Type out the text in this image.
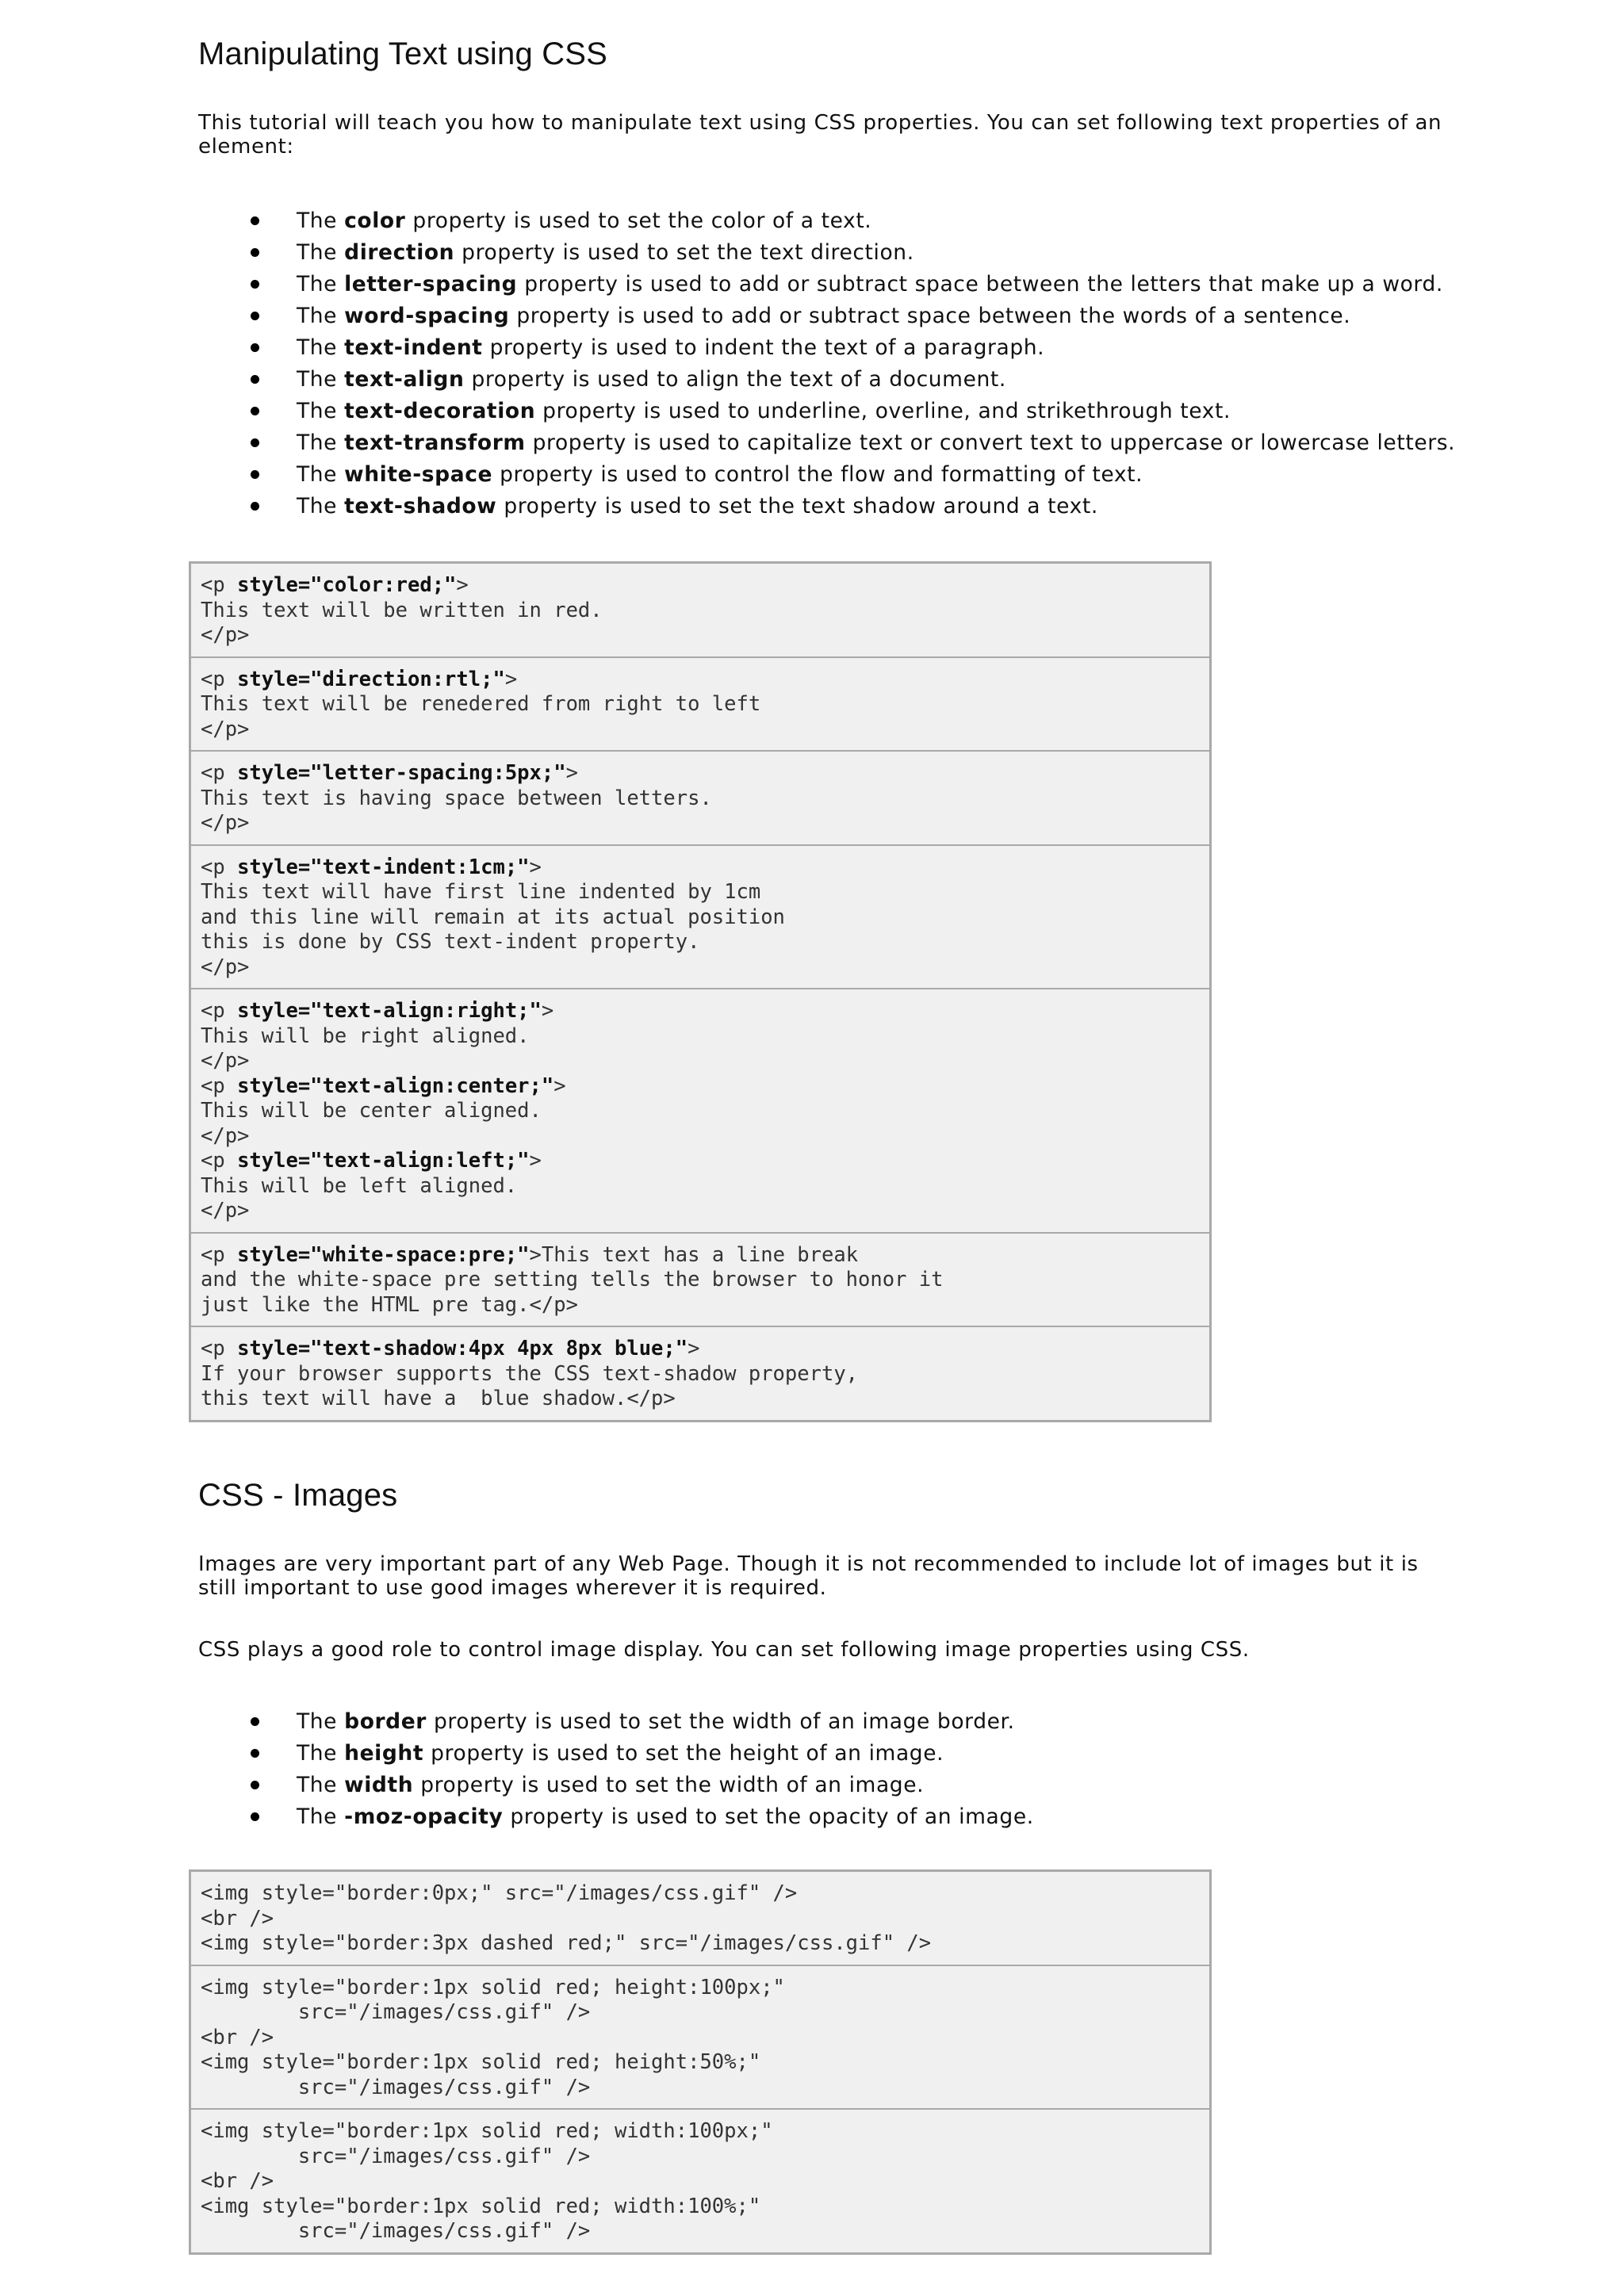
Manipulating Text using CSS

This tutorial will teach you how to manipulate text using CSS properties. You can set following text properties of an element:

The color property is used to set the color of a text.
The direction property is used to set the text direction.
The letter-spacing property is used to add or subtract space between the letters that make up a word.
The word-spacing property is used to add or subtract space between the words of a sentence.
The text-indent property is used to indent the text of a paragraph.
The text-align property is used to align the text of a document.
The text-decoration property is used to underline, overline, and strikethrough text.
The text-transform property is used to capitalize text or convert text to uppercase or lowercase letters.
The white-space property is used to control the flow and formatting of text.
The text-shadow property is used to set the text shadow around a text.
<p style="color:red;">
This text will be written in red.
</p>
<p style="direction:rtl;">
This text will be renedered from right to left
</p>
<p style="letter-spacing:5px;">
This text is having space between letters.
</p>
<p style="text-indent:1cm;">
This text will have first line indented by 1cm
and this line will remain at its actual position
this is done by CSS text-indent property.
</p>
<p style="text-align:right;">
This will be right aligned.
</p>
<p style="text-align:center;">
This will be center aligned.
</p>
<p style="text-align:left;">
This will be left aligned.
</p>
<p style="white-space:pre;">This text has a line break
and the white-space pre setting tells the browser to honor it
just like the HTML pre tag.</p>
<p style="text-shadow:4px 4px 8px blue;">
If your browser supports the CSS text-shadow property,
this text will have a  blue shadow.</p>
CSS - Images

Images are very important part of any Web Page. Though it is not recommended to include lot of images but it is still important to use good images wherever it is required.

CSS plays a good role to control image display. You can set following image properties using CSS.

The border property is used to set the width of an image border.
The height property is used to set the height of an image.
The width property is used to set the width of an image.
The -moz-opacity property is used to set the opacity of an image.
<img style="border:0px;" src="/images/css.gif" />
<br />
<img style="border:3px dashed red;" src="/images/css.gif" />
<img style="border:1px solid red; height:100px;"
src="/images/css.gif" />
<br />
<img style="border:1px solid red; height:50%;"
src="/images/css.gif" />
<img style="border:1px solid red; width:100px;"
src="/images/css.gif" />
<br />
<img style="border:1px solid red; width:100%;"
src="/images/css.gif" />
